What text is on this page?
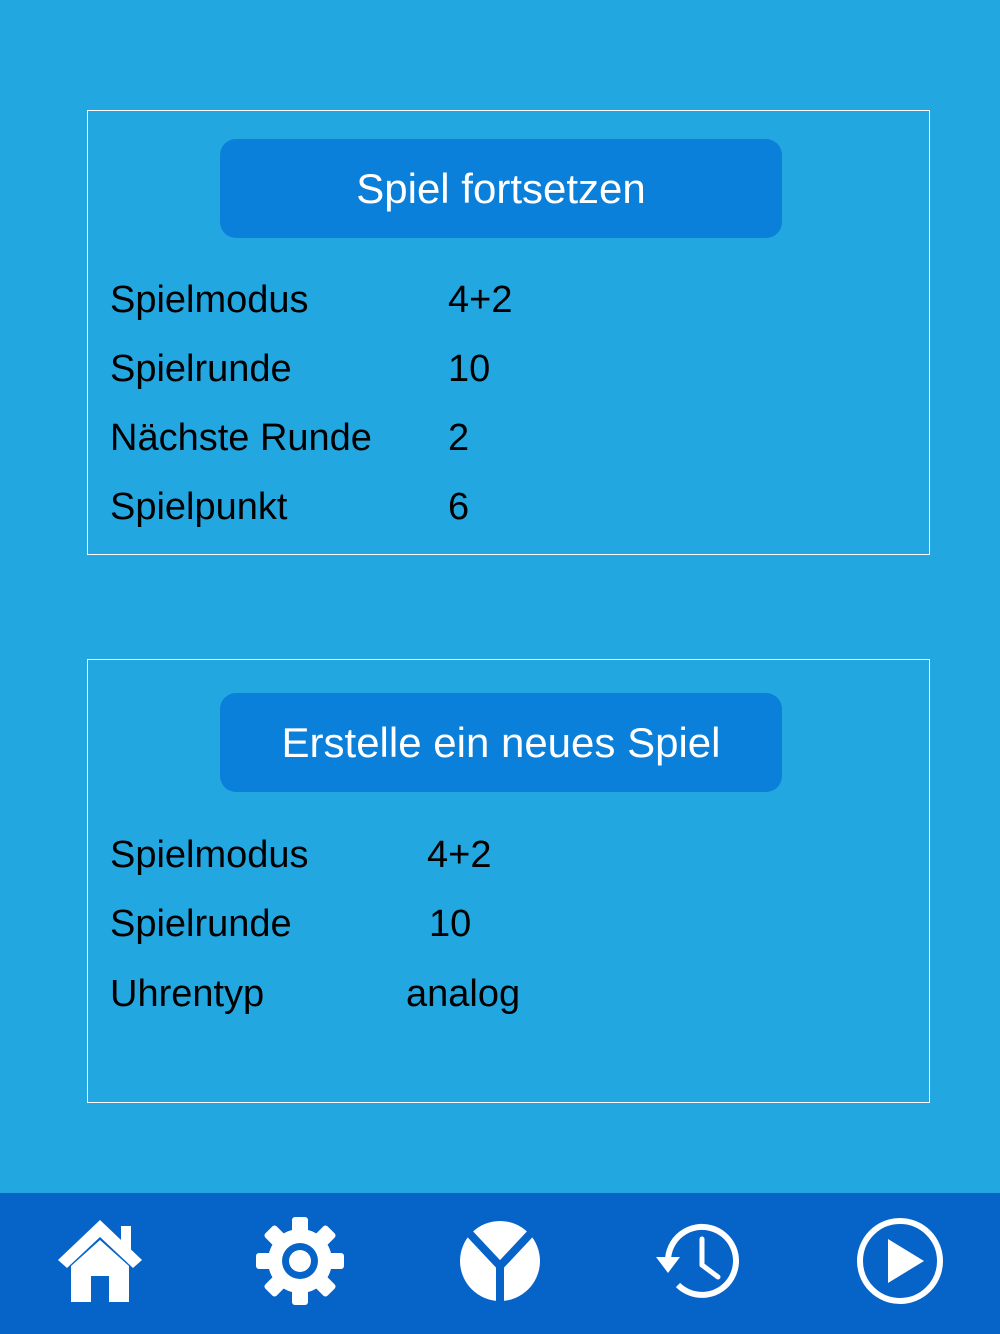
Spiel fortsetzen
Spielmodus	4+2
Spielrunde	10
Nächste Runde 2
Spielpunkt	6
Erstelle ein neues Spiel
Spielmodus	4+2
Spielrunde	10
Uhrentyp	analog
